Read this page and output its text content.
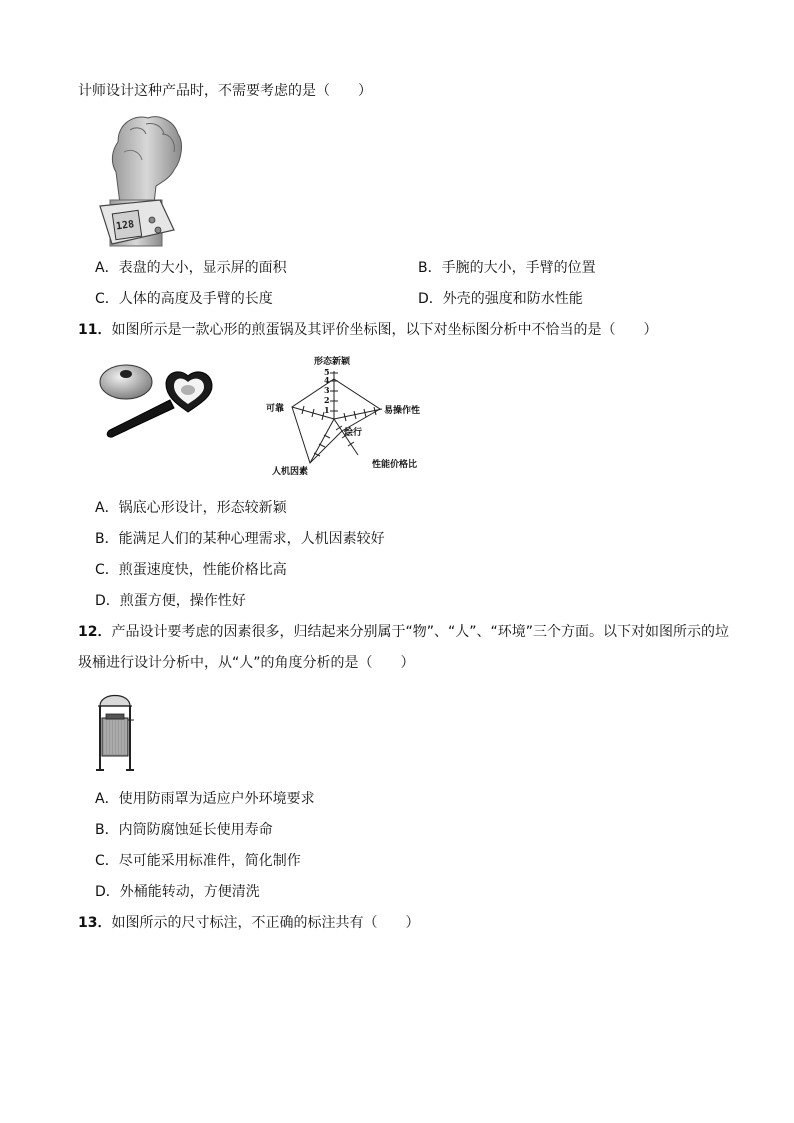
计师设计这种产品时，不需要考虑的是（　　）
128
A．表盘的大小，显示屏的面积	B．手腕的大小，手臂的位置
C．人体的高度及手臂的长度	D．外壳的强度和防水性能
11．如图所示是一款心形的煎蛋锅及其评价坐标图，以下对坐标图分析中不恰当的是（　　）
1
2
3
4
5
形态新颖
易操作性
性能价格比
人机因素
可靠
烩行
A．锅底心形设计，形态较新颖
B．能满足人们的某种心理需求，人机因素较好
C．煎蛋速度快，性能价格比高
D．煎蛋方便，操作性好
12．产品设计要考虑的因素很多，归结起来分别属于“物”、“人”、“环境”三个方面。以下对如图所示的垃
圾桶进行设计分析中，从“人”的角度分析的是（　　）
A．使用防雨罩为适应户外环境要求
B．内筒防腐蚀延长使用寿命
C．尽可能采用标准件，简化制作
D．外桶能转动，方便清洗
13．如图所示的尺寸标注，不正确的标注共有（　　）
